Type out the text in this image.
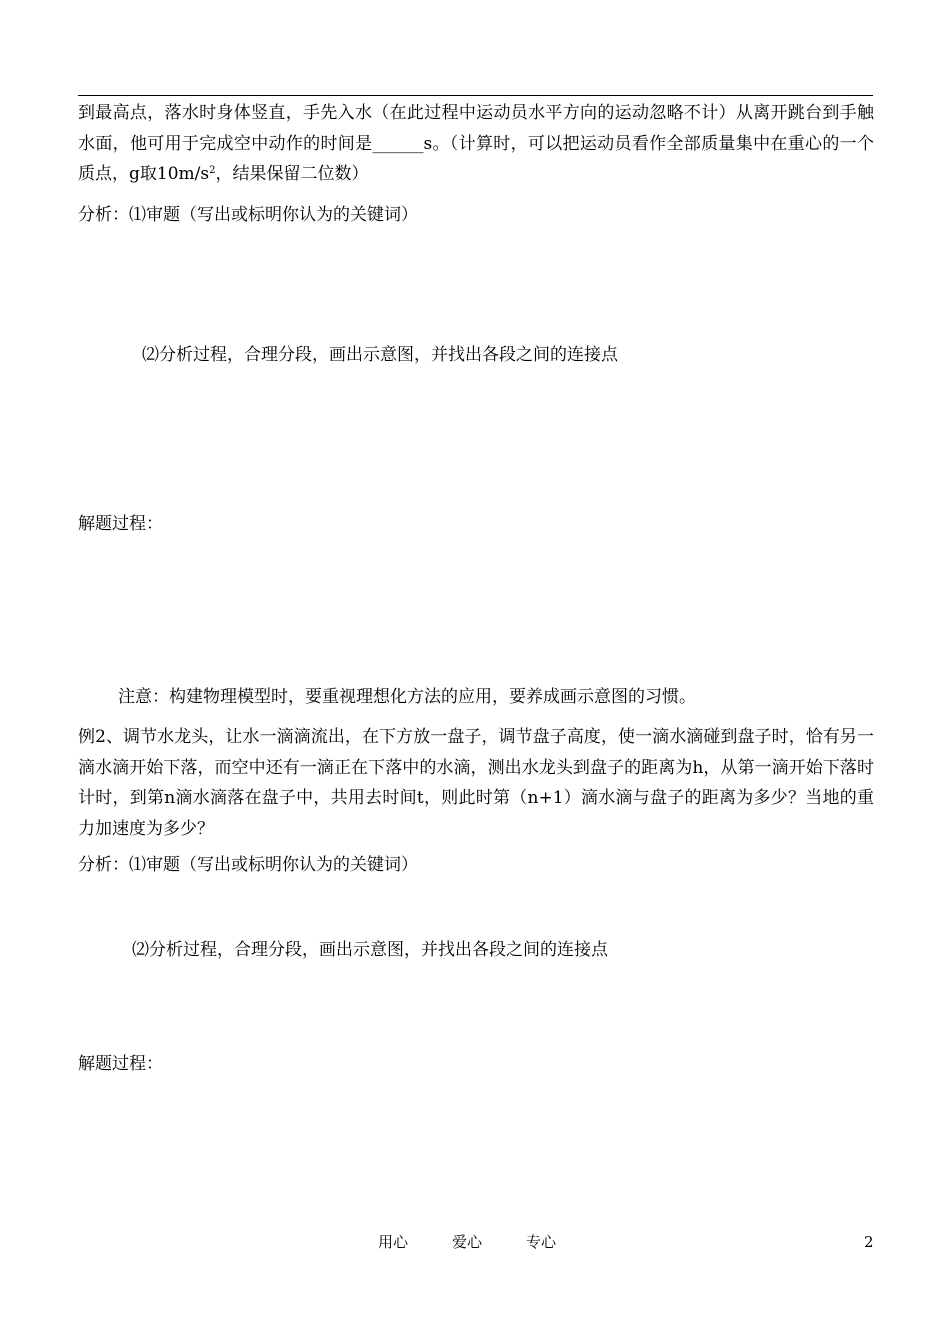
到最高点，落水时身体竖直，手先入水（在此过程中运动员水平方向的运动忽略不计）从离开跳台到手触水面，他可用于完成空中动作的时间是______s。（计算时，可以把运动员看作全部质量集中在重心的一个质点，g取$10m/s^2$，结果保留二位数）
分析：⑴审题（写出或标明你认为的关键词）
⑵分析过程，合理分段，画出示意图，并找出各段之间的连接点
解题过程：
注意：构建物理模型时，要重视理想化方法的应用，要养成画示意图的习惯。
例2、调节水龙头，让水一滴滴流出，在下方放一盘子，调节盘子高度，使一滴水滴碰到盘子时，恰有另一滴水滴开始下落，而空中还有一滴正在下落中的水滴，测出水龙头到盘子的距离为h，从第一滴开始下落时计时，到第n滴水滴落在盘子中，共用去时间t，则此时第（n+1）滴水滴与盘子的距离为多少？当地的重力加速度为多少？
分析：⑴审题（写出或标明你认为的关键词）
⑵分析过程，合理分段，画出示意图，并找出各段之间的连接点
解题过程：
用心	爱心	专心	2
